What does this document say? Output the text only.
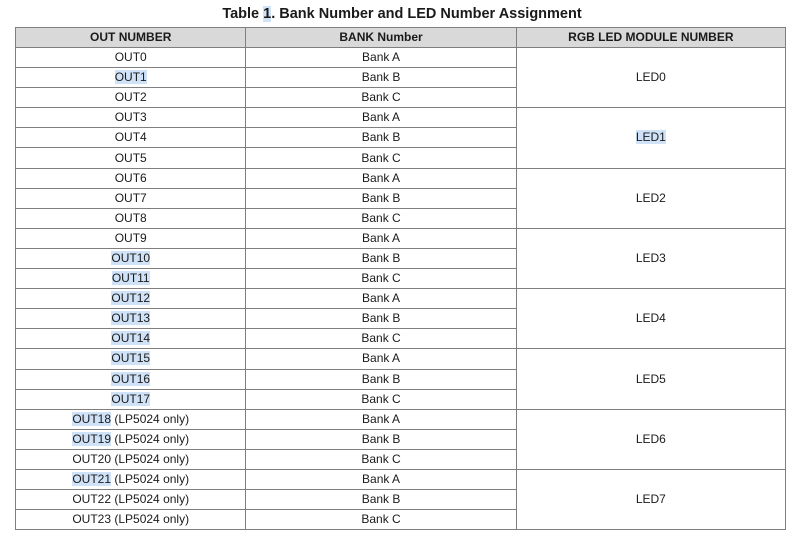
Table 1. Bank Number and LED Number Assignment
OUT NUMBER	BANK Number	RGB LED MODULE NUMBER
OUT0	Bank A	LED0
OUT1	Bank B	
OUT2	Bank C	
OUT3	Bank A	LED1
OUT4	Bank B	
OUT5	Bank C	
OUT6	Bank A	LED2
OUT7	Bank B	
OUT8	Bank C	
OUT9	Bank A	LED3
OUT10	Bank B	
OUT11	Bank C	
OUT12	Bank A	LED4
OUT13	Bank B	
OUT14	Bank C	
OUT15	Bank A	LED5
OUT16	Bank B	
OUT17	Bank C	
OUT18 (LP5024 only)	Bank A	LED6
OUT19 (LP5024 only)	Bank B	
OUT20 (LP5024 only)	Bank C	
OUT21 (LP5024 only)	Bank A	LED7
OUT22 (LP5024 only)	Bank B	
OUT23 (LP5024 only)	Bank C	
